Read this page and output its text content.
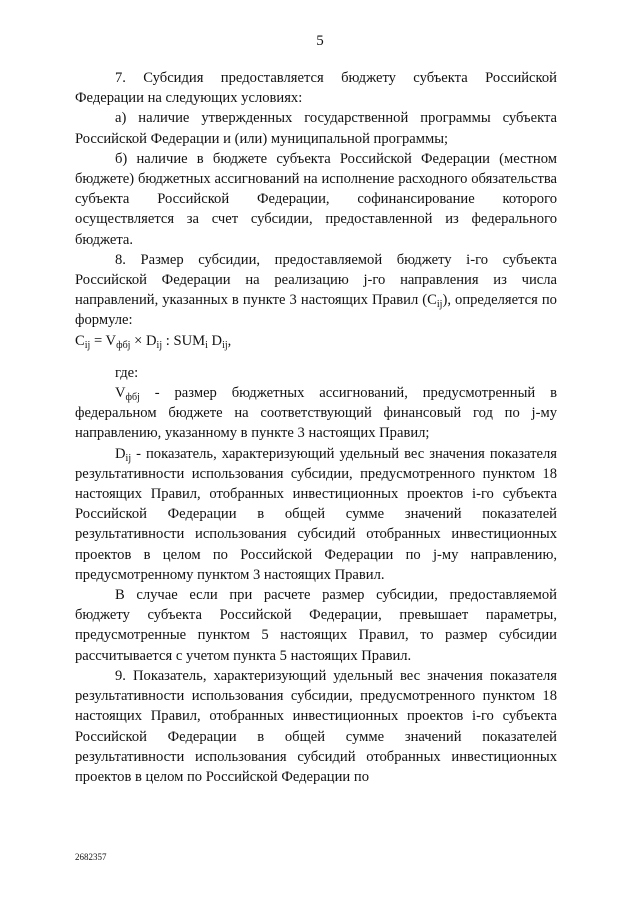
5

7. Субсидия предоставляется бюджету субъекта Российской Федерации на следующих условиях:

а) наличие утвержденных государственной программы субъекта Российской Федерации и (или) муниципальной программы;

б) наличие в бюджете субъекта Российской Федерации (местном бюджете) бюджетных ассигнований на исполнение расходного обязательства субъекта Российской Федерации, софинансирование которого осуществляется за счет субсидии, предоставленной из федерального бюджета.

8. Размер субсидии, предоставляемой бюджету i-го субъекта Российской Федерации на реализацию j-го направления из числа направлений, указанных в пункте 3 настоящих Правил $(C_{ij})$, определяется по формуле:

$C_{ij} = V_{фбj} \times D_{ij}$ : $SUM_i$ $D_{ij}$,

где:

$V_{фбj}$ - размер бюджетных ассигнований, предусмотренный в федеральном бюджете на соответствующий финансовый год по j-му направлению, указанному в пункте 3 настоящих Правил;

$D_{ij}$ - показатель, характеризующий удельный вес значения показателя результативности использования субсидии, предусмотренного пунктом 18 настоящих Правил, отобранных инвестиционных проектов i-го субъекта Российской Федерации в общей сумме значений показателей результативности использования субсидий отобранных инвестиционных проектов в целом по Российской Федерации по j-му направлению, предусмотренному пунктом 3 настоящих Правил.

В случае если при расчете размер субсидии, предоставляемой бюджету субъекта Российской Федерации, превышает параметры, предусмотренные пунктом 5 настоящих Правил, то размер субсидии рассчитывается с учетом пункта 5 настоящих Правил.

9. Показатель, характеризующий удельный вес значения показателя результативности использования субсидии, предусмотренного пунктом 18 настоящих Правил, отобранных инвестиционных проектов i-го субъекта Российской Федерации в общей сумме значений показателей результативности использования субсидий отобранных инвестиционных проектов в целом по Российской Федерации по

2682357
